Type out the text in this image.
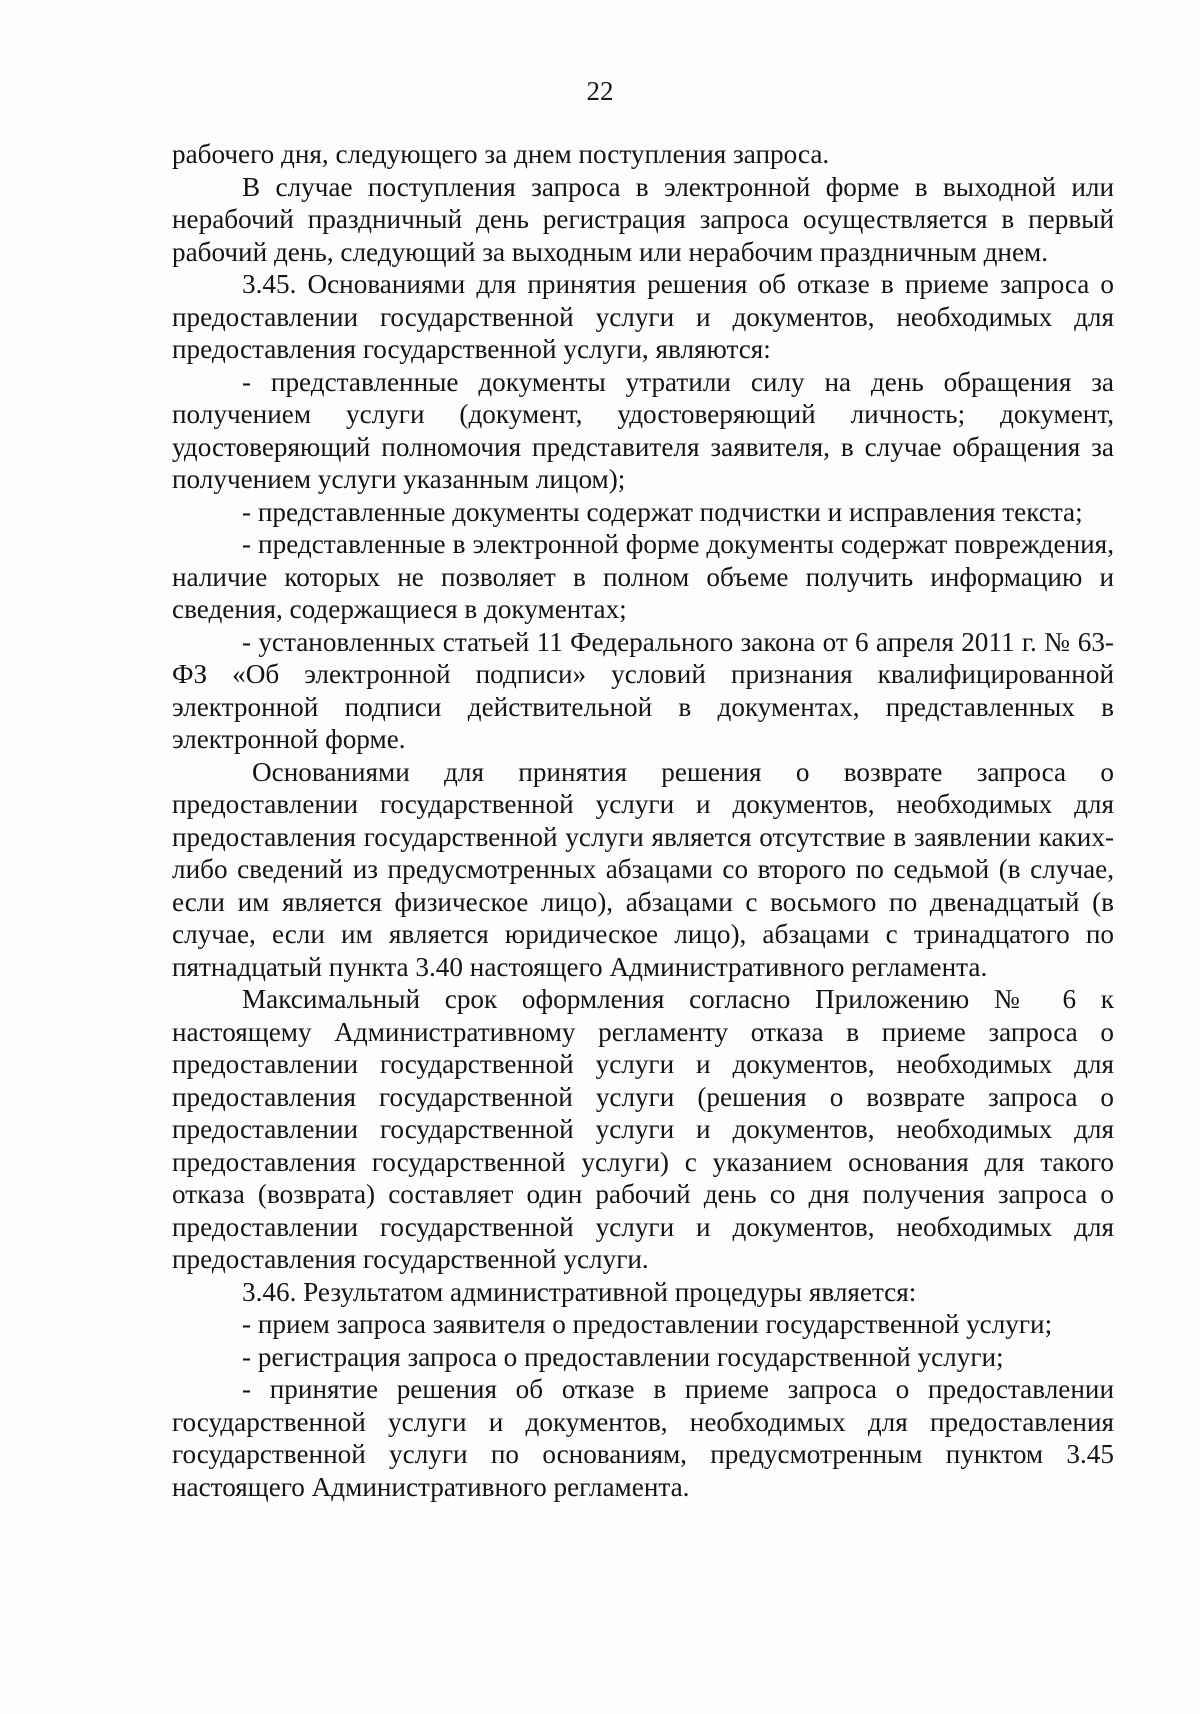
22

рабочего дня, следующего за днем поступления запроса.

В случае поступления запроса в электронной форме в выходной или нерабочий праздничный день регистрация запроса осуществляется в первый рабочий день, следующий за выходным или нерабочим праздничным днем.

3.45. Основаниями для принятия решения об отказе в приеме запроса о предоставлении государственной услуги и документов, необходимых для предоставления государственной услуги, являются:

- представленные документы утратили силу на день обращения за получением услуги (документ, удостоверяющий личность; документ, удостоверяющий полномочия представителя заявителя, в случае обращения за получением услуги указанным лицом);

- представленные документы содержат подчистки и исправления текста;

- представленные в электронной форме документы содержат повреждения, наличие которых не позволяет в полном объеме получить информацию и сведения, содержащиеся в документах;

- установленных статьей 11 Федерального закона от 6 апреля 2011 г. № 63-ФЗ «Об электронной подписи» условий признания квалифицированной электронной подписи действительной в документах, представленных в электронной форме.

Основаниями для принятия решения о возврате запроса о предоставлении государственной услуги и документов, необходимых для предоставления государственной услуги является отсутствие в заявлении каких-либо сведений из предусмотренных абзацами со второго по седьмой (в случае, если им является физическое лицо), абзацами с восьмого по двенадцатый (в случае, если им является юридическое лицо), абзацами с тринадцатого по пятнадцатый пункта 3.40 настоящего Административного регламента.

Максимальный срок оформления согласно Приложению № 6 к настоящему Административному регламенту отказа в приеме запроса о предоставлении государственной услуги и документов, необходимых для предоставления государственной услуги (решения о возврате запроса о предоставлении государственной услуги и документов, необходимых для предоставления государственной услуги) с указанием основания для такого отказа (возврата) составляет один рабочий день со дня получения запроса о предоставлении государственной услуги и документов, необходимых для предоставления государственной услуги.

3.46. Результатом административной процедуры является:

- прием запроса заявителя о предоставлении государственной услуги;

- регистрация запроса о предоставлении государственной услуги;

- принятие решения об отказе в приеме запроса о предоставлении государственной услуги и документов, необходимых для предоставления государственной услуги по основаниям, предусмотренным пунктом 3.45 настоящего Административного регламента.
